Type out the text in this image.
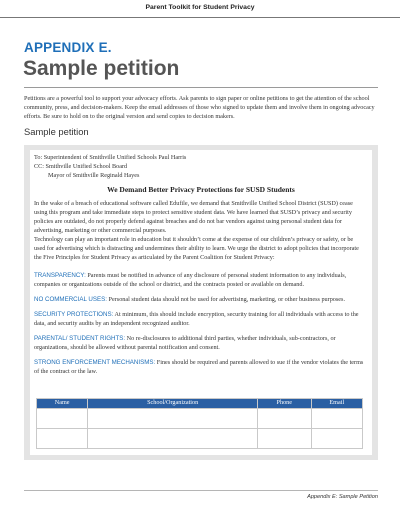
Parent Toolkit for Student Privacy
APPENDIX E.
Sample petition

Petitions are a powerful tool to support your advocacy efforts. Ask parents to sign paper or online petitions to get the attention of the school community, press, and decision-makers. Keep the email addresses of those who signed to update them and involve them in ongoing advocacy efforts. Be sure to hold on to the original version and send copies to decision makers.

Sample petition
To: Superintendent of Smithville Unified Schools Paul Harris
CC: Smithville Unified School Board
Mayor of Smithville Reginald Hayes
We Demand Better Privacy Protections for SUSD Students

In the wake of a breach of educational software called Edufile, we demand that Smithville Unified School District (SUSD) cease using this program and take immediate steps to protect sensitive student data. We have learned that SUSD’s privacy and security policies are outdated, do not properly defend against breaches and do not bar vendors against using personal student data for advertising, marketing or other commercial purposes.

Technology can play an important role in education but it shouldn’t come at the expense of our children’s privacy or safety, or be used for advertising which is distracting and undermines their ability to learn. We urge the district to adopt policies that incorporate the Five Principles for Student Privacy as articulated by the Parent Coalition for Student Privacy:

TRANSPARENCY: Parents must be notified in advance of any disclosure of personal student information to any individuals, companies or organizations outside of the school or district, and the contracts posted or available on demand.

NO COMMERCIAL USES: Personal student data should not be used for advertising, marketing, or other business purposes.

SECURITY PROTECTIONS: At minimum, this should include encryption, security training for all individuals with access to the data, and security audits by an independent recognized auditor.

PARENTAL/ STUDENT RIGHTS: No re-disclosures to additional third parties, whether individuals, sub-contractors, or organizations, should be allowed without parental notification and consent.

STRONG ENFORCEMENT MECHANISMS: Fines should be required and parents allowed to sue if the vendor violates the terms of the contract or the law.

Name	School/Organization	Phone	Email

Appendix E: Sample Petition
